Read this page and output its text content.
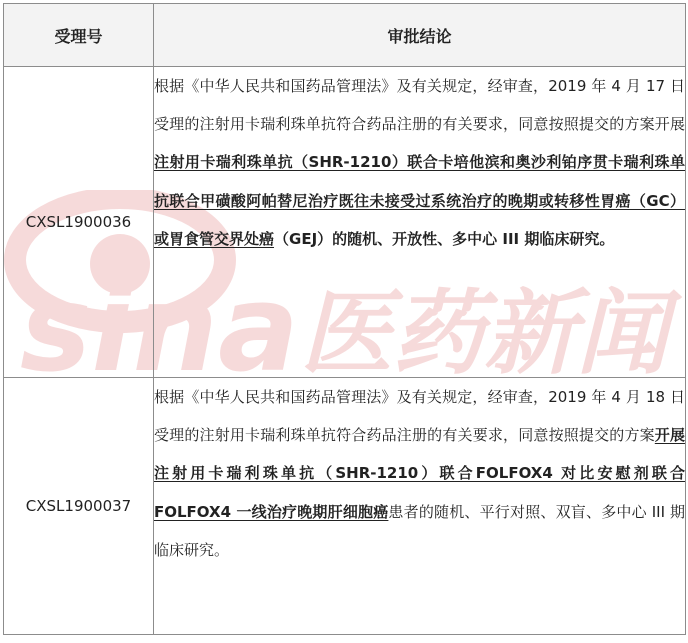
sina 医药新闻
受理号	审批结论
CXSL1900036	根据《中华人民共和国药品管理法》及有关规定，经审查，2019 年 4 月 17 日受理的注射用卡瑞利珠单抗符合药品注册的有关要求，同意按照提交的方案开展注射用卡瑞利珠单抗（SHR-1210）联合卡培他滨和奥沙利铂序贯卡瑞利珠单抗联合甲磺酸阿帕替尼治疗既往未接受过系统治疗的晚期或转移性胃癌（GC）或胃食管交界处癌（GEJ）的随机、开放性、多中心 III 期临床研究。
CXSL1900037	根据《中华人民共和国药品管理法》及有关规定，经审查，2019 年 4 月 18 日受理的注射用卡瑞利珠单抗符合药品注册的有关要求，同意按照提交的方案开展注射用卡瑞利珠单抗（SHR-1210）联合FOLFOX4 对比安慰剂联合 FOLFOX4 一线治疗晚期肝细胞癌患者的随机、平行对照、双盲、多中心 III 期临床研究。
